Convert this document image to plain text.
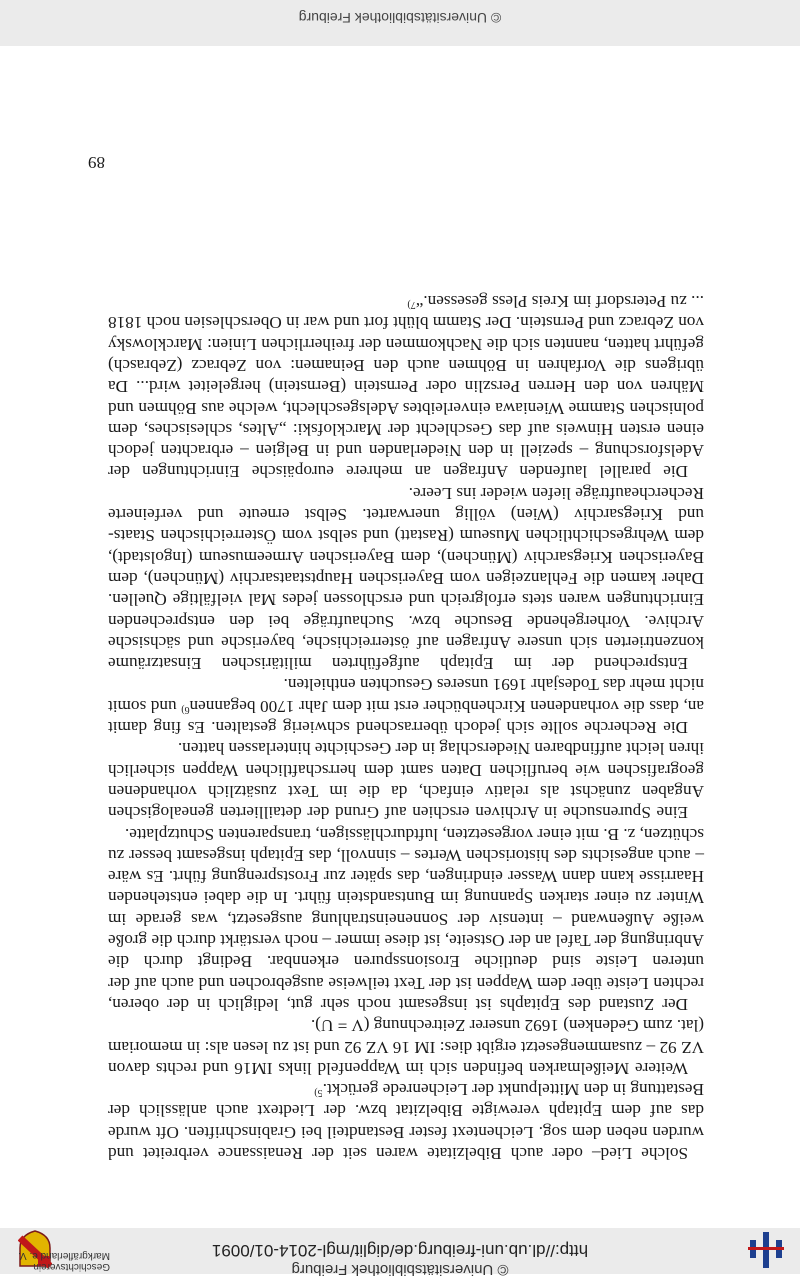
Geschichtsverein
Markgräflerland e. V.
© Universitätsbibliothek Freiburg
http://dl.ub.uni-freiburg.de/diglit/mgl-2014-01/0091

Solche Lied– oder auch Bibelzitate waren seit der Renaissance verbreitet und wurden neben dem sog. Leichentext fester Bestandteil bei Grabinschriften. Oft wurde das auf dem Epitaph verewigte Bibelzitat bzw. der Liedtext auch anlässlich der Bestattung in den Mittelpunkt der Leichenrede gerückt.$^{5)}$

Weitere Meißelmarken befinden sich im Wappenfeld links IM16 und rechts davon VZ 92 – zusammengesetzt ergibt dies: IM 16 VZ 92 und ist zu lesen als: in memoriam (lat. zum Gedenken) 1692 unserer Zeitrechnung (V = U).

Der Zustand des Epitaphs ist insgesamt noch sehr gut, lediglich in der oberen, rechten Leiste über dem Wappen ist der Text teilweise ausgebrochen und auch auf der unteren Leiste sind deutliche Erosionsspuren erkennbar. Bedingt durch die Anbringung der Tafel an der Ostseite, ist diese immer – noch verstärkt durch die große weiße Außenwand – intensiv der Sonneneinstrahlung ausgesetzt, was gerade im Winter zu einer starken Spannung im Buntsandstein führt. In die dabei entstehenden Haarrisse kann dann Wasser eindringen, das später zur Frostsprengung führt. Es wäre – auch angesichts des historischen Wertes – sinnvoll, das Epitaph insgesamt besser zu schützen, z. B. mit einer vorgesetzten, luftdurchlässigen, transparenten Schutzplatte.

Eine Spurensuche in Archiven erschien auf Grund der detaillierten genealogischen Angaben zunächst als relativ einfach, da die im Text zusätzlich vorhandenen geografischen wie beruflichen Daten samt dem herrschaftlichen Wappen sicherlich ihren leicht auffindbaren Niederschlag in der Geschichte hinterlassen hatten.

Die Recherche sollte sich jedoch überraschend schwierig gestalten. Es fing damit an, dass die vorhandenen Kirchenbücher erst mit dem Jahr 1700 begannen$^{6)}$ und somit nicht mehr das Todesjahr 1691 unseres Gesuchten enthielten.

Entsprechend der im Epitaph aufgeführten militärischen Einsatzräume konzentrierten sich unsere Anfragen auf österreichische, bayerische und sächsische Archive. Vorhergehende Besuche bzw. Suchaufträge bei den entsprechenden Einrichtungen waren stets erfolgreich und erschlossen jedes Mal vielfältige Quellen. Daher kamen die Fehlanzeigen vom Bayerischen Hauptstaatsarchiv (München), dem Bayerischen Kriegsarchiv (München), dem Bayerischen Armeemuseum (Ingolstadt), dem Wehrgeschichtlichen Museum (Rastatt) und selbst vom Österreichischen Staats- und Kriegsarchiv (Wien) völlig unerwartet. Selbst erneute und verfeinerte Rechercheaufträge liefen wieder ins Leere.

Die parallel laufenden Anfragen an mehrere europäische Einrichtungen der Adelsforschung – speziell in den Niederlanden und in Belgien – erbrachten jedoch einen ersten Hinweis auf das Geschlecht der Marcklofski: „Altes, schlesisches, dem polnischen Stamme Wieniawa einverleibtes Adelsgeschlecht, welche aus Böhmen und Mähren von den Herren Perszlin oder Pernstein (Bernstein) hergeleitet wird... Da übrigens die Vorfahren in Böhmen auch den Beinamen: von Zebracz (Zebrasch) geführt hatten, nannten sich die Nachkommen der freiherrlichen Linien: Marcklowsky von Zebracz und Pernstein. Der Stamm blüht fort und war in Oberschlesien noch 1818 ... zu Petersdorf im Kreis Pless gesessen.“$^{7)}$

89
© Universitätsbibliothek Freiburg
